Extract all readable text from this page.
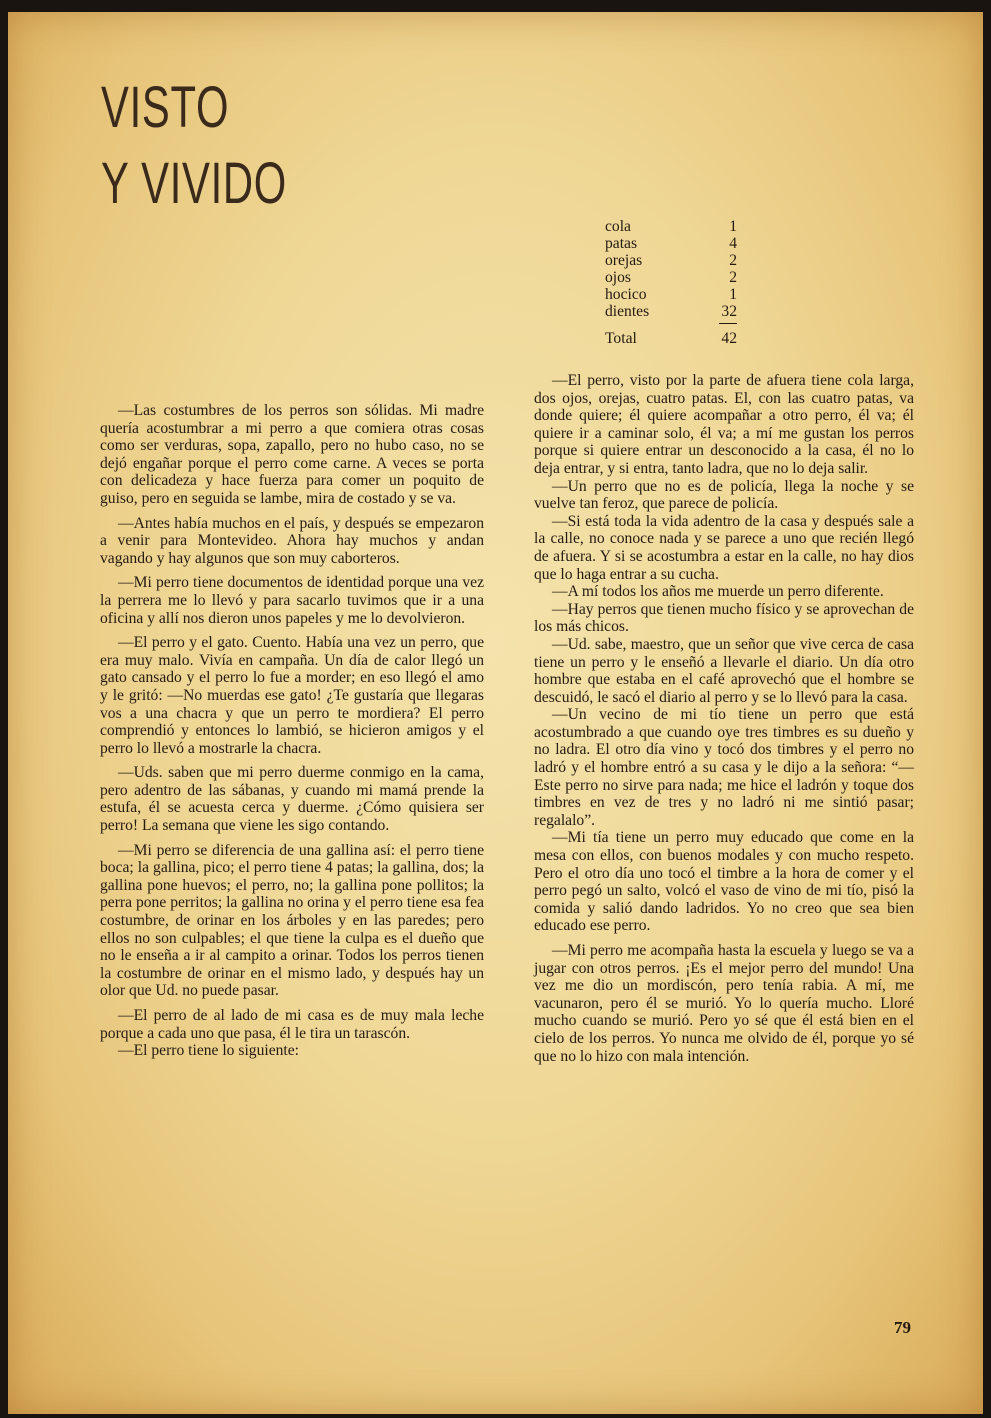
VISTO
Y VIVIDO
cola	1
patas	4
orejas	2
ojos	2
hocico	1
dientes	32
Total	42

—Las costumbres de los perros son sólidas. Mi madre quería acostumbrar a mi perro a que comiera otras cosas como ser verduras, sopa, zapallo, pero no hubo caso, no se dejó engañar porque el perro come carne. A veces se porta con delicadeza y hace fuerza para comer un poquito de guiso, pero en seguida se lambe, mira de costado y se va.

—Antes había muchos en el país, y después se empezaron a venir para Montevideo. Ahora hay muchos y andan vagando y hay algunos que son muy caborteros.

—Mi perro tiene documentos de identidad porque una vez la perrera me lo llevó y para sacarlo tuvimos que ir a una oficina y allí nos dieron unos papeles y me lo devolvieron.

—El perro y el gato. Cuento. Había una vez un perro, que era muy malo. Vivía en campaña. Un día de calor llegó un gato cansado y el perro lo fue a morder; en eso llegó el amo y le gritó: —No muerdas ese gato! ¿Te gustaría que llegaras vos a una chacra y que un perro te mordiera? El perro comprendió y entonces lo lambió, se hicieron amigos y el perro lo llevó a mostrarle la chacra.

—Uds. saben que mi perro duerme conmigo en la cama, pero adentro de las sábanas, y cuando mi mamá prende la estufa, él se acuesta cerca y duerme. ¿Cómo quisiera ser perro! La semana que viene les sigo contando.

—Mi perro se diferencia de una gallina así: el perro tiene boca; la gallina, pico; el perro tiene 4 patas; la gallina, dos; la gallina pone huevos; el perro, no; la gallina pone pollitos; la perra pone perritos; la gallina no orina y el perro tiene esa fea costumbre, de orinar en los árboles y en las paredes; pero ellos no son culpables; el que tiene la culpa es el dueño que no le enseña a ir al campito a orinar. Todos los perros tienen la costumbre de orinar en el mismo lado, y después hay un olor que Ud. no puede pasar.

—El perro de al lado de mi casa es de muy mala leche porque a cada uno que pasa, él le tira un tarascón.

—El perro tiene lo siguiente:

—El perro, visto por la parte de afuera tiene cola larga, dos ojos, orejas, cuatro patas. El, con las cuatro patas, va donde quiere; él quiere acompañar a otro perro, él va; él quiere ir a caminar solo, él va; a mí me gustan los perros porque si quiere entrar un desconocido a la casa, él no lo deja entrar, y si entra, tanto ladra, que no lo deja salir.

—Un perro que no es de policía, llega la noche y se vuelve tan feroz, que parece de policía.

—Si está toda la vida adentro de la casa y después sale a la calle, no conoce nada y se parece a uno que recién llegó de afuera. Y si se acostumbra a estar en la calle, no hay dios que lo haga entrar a su cucha.

—A mí todos los años me muerde un perro diferente.

—Hay perros que tienen mucho físico y se aprovechan de los más chicos.

—Ud. sabe, maestro, que un señor que vive cerca de casa tiene un perro y le enseñó a llevarle el diario. Un día otro hombre que estaba en el café aprovechó que el hombre se descuidó, le sacó el diario al perro y se lo llevó para la casa.

—Un vecino de mi tío tiene un perro que está acostumbrado a que cuando oye tres timbres es su dueño y no ladra. El otro día vino y tocó dos timbres y el perro no ladró y el hombre entró a su casa y le dijo a la señora: “—Este perro no sirve para nada; me hice el ladrón y toque dos timbres en vez de tres y no ladró ni me sintió pasar; regalalo”.

—Mi tía tiene un perro muy educado que come en la mesa con ellos, con buenos modales y con mucho respeto. Pero el otro día uno tocó el timbre a la hora de comer y el perro pegó un salto, volcó el vaso de vino de mi tío, pisó la comida y salió dando ladridos. Yo no creo que sea bien educado ese perro.

—Mi perro me acompaña hasta la escuela y luego se va a jugar con otros perros. ¡Es el mejor perro del mundo! Una vez me dio un mordiscón, pero tenía rabia. A mí, me vacunaron, pero él se murió. Yo lo quería mucho. Lloré mucho cuando se murió. Pero yo sé que él está bien en el cielo de los perros. Yo nunca me olvido de él, porque yo sé que no lo hizo con mala intención.

79
